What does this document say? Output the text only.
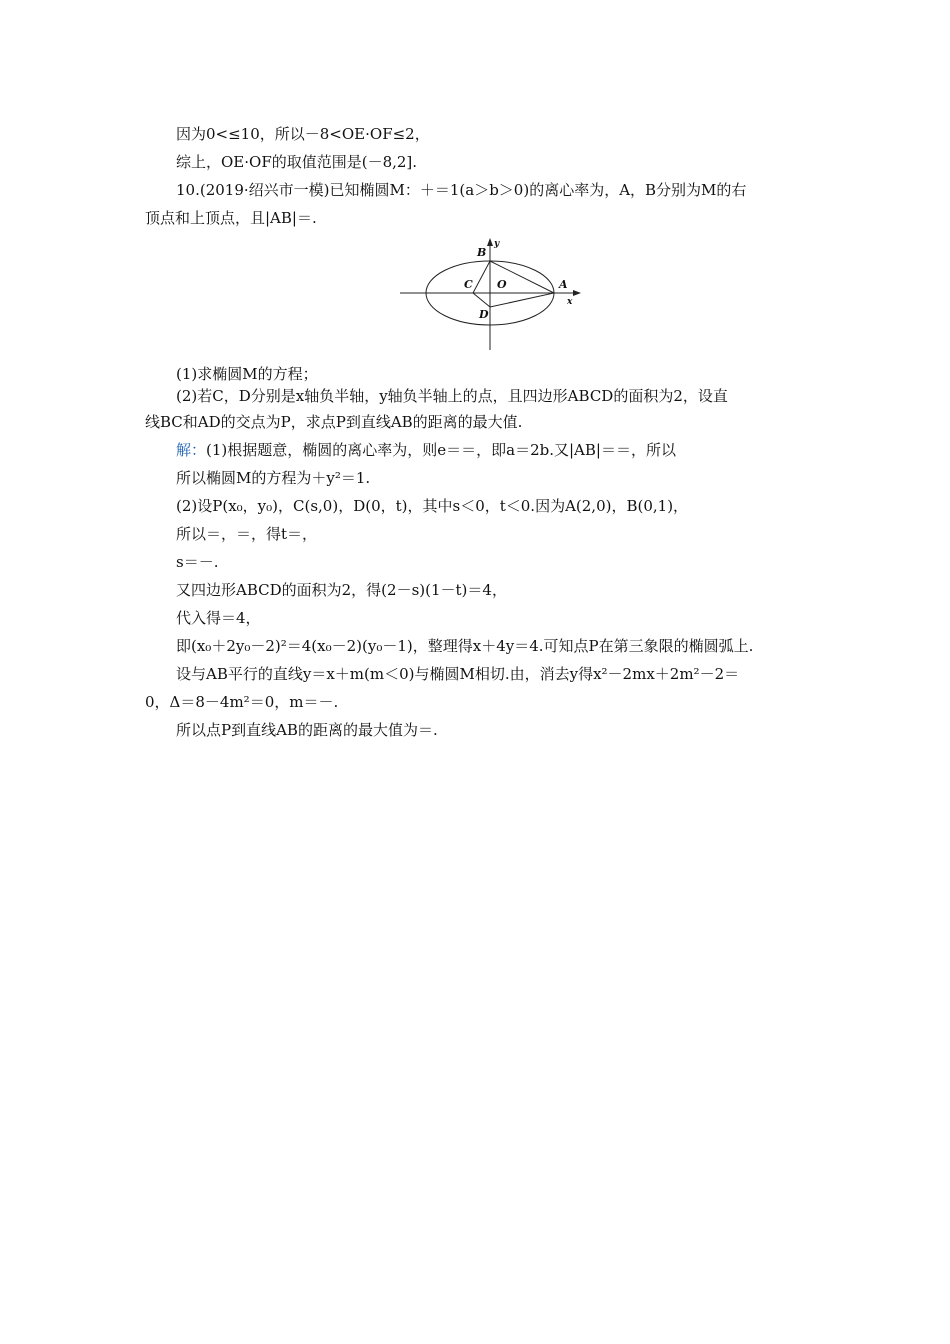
因为0<≤10，所以－8<OE·OF≤2，
综上，OE·OF的取值范围是(－8,2].
10.(2019·绍兴市一模)已知椭圆M：＋＝1(a＞b＞0)的离心率为，A，B分别为M的右
顶点和上顶点，且|AB|＝.
B
y
C O	A
x
D
(1)求椭圆M的方程；
(2)若C，D分别是x轴负半轴，y轴负半轴上的点，且四边形ABCD的面积为2，设直
线BC和AD的交点为P，求点P到直线AB的距离的最大值.
解：(1)根据题意，椭圆的离心率为，则e＝＝，即a＝2b.又|AB|＝＝，所以
所以椭圆M的方程为＋y²＝1.
(2)设P(x₀，y₀)，C(s,0)，D(0，t)，其中s＜0，t＜0.因为A(2,0)，B(0,1)，
所以＝，＝，得t＝，
s＝－.
又四边形ABCD的面积为2，得(2－s)(1－t)＝4，
代入得＝4，
即(x₀＋2y₀－2)²＝4(x₀－2)(y₀－1)，整理得x＋4y＝4.可知点P在第三象限的椭圆弧上.
设与AB平行的直线y＝x＋m(m＜0)与椭圆M相切.由，消去y得x²－2mx＋2m²－2＝
0，Δ＝8－4m²＝0，m＝－.
所以点P到直线AB的距离的最大值为＝.
